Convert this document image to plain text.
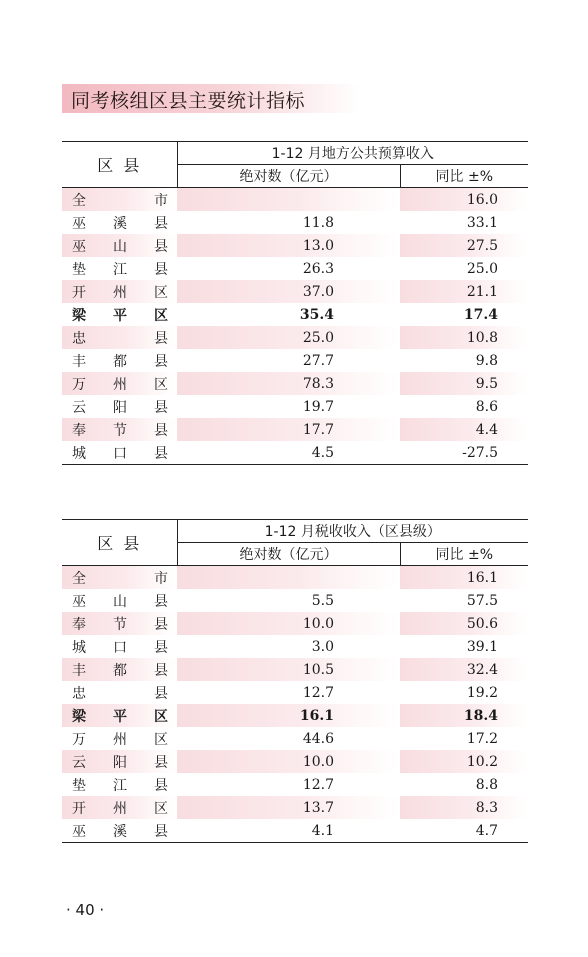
同考核组区县主要统计指标
区县	1-12 月地方公共预算收入	
	绝对数（亿元）	同比 ±%

全 市		16.0

巫 溪 县	11.8	33.1

巫 山 县	13.0	27.5

垫 江 县	26.3	25.0

开 州 区	37.0	21.1

梁 平 区	35.4	17.4

忠 县	25.0	10.8

丰 都 县	27.7	9.8

万 州 区	78.3	9.5

云 阳 县	19.7	8.6

奉 节 县	17.7	4.4

城 口 县	4.5	-27.5
区县	1-12 月税收收入（区县级）	
	绝对数（亿元）	同比 ±%

全 市		16.1

巫 山 县	5.5	57.5

奉 节 县	10.0	50.6

城 口 县	3.0	39.1

丰 都 县	10.5	32.4

忠 县	12.7	19.2

梁 平 区	16.1	18.4

万 州 区	44.6	17.2

云 阳 县	10.0	10.2

垫 江 县	12.7	8.8

开 州 区	13.7	8.3

巫 溪 县	4.1	4.7
· 40 ·
